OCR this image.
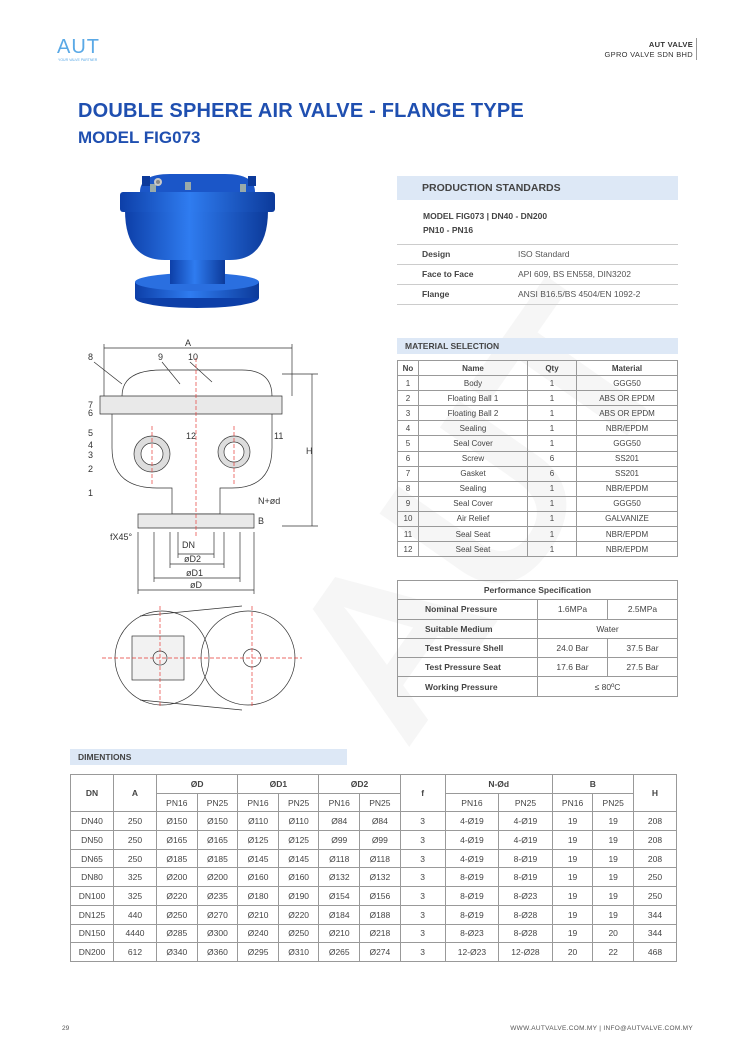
AUT
YOUR VALVE PARTNER
AUT VALVE
GPRO VALVE SDN BHD
DOUBLE SPHERE AIR VALVE - FLANGE TYPE
MODEL FIG073
PRODUCTION STANDARDS
MODEL FIG073 | DN40 - DN200
PN10 - PN16
Design	ISO Standard
Face to Face	API 609, BS EN558, DIN3202
Flange	ANSI B16.5/BS 4504/EN 1092-2
A
H
N+ød
B
DN
øD2
øD1
øD
fX45°
8	9	10
7
6
5
4
3
2
1
12	11
MATERIAL SELECTION
No	Name	Qty	Material
1	Body	1	GGG50
2	Floating Ball 1	1	ABS OR EPDM
3	Floating Ball 2	1	ABS OR EPDM
4	Sealing	1	NBR/EPDM
5	Seal Cover	1	GGG50
6	Screw	6	SS201
7	Gasket	6	SS201
8	Sealing	1	NBR/EPDM
9	Seal Cover	1	GGG50
10	Air Relief	1	GALVANIZE
11	Seal Seat	1	NBR/EPDM
12	Seal Seat	1	NBR/EPDM
Performance Specification		
Nominal Pressure	1.6MPa	2.5MPa
Suitable Medium	Water	
Test Pressure Shell	24.0 Bar	37.5 Bar
Test Pressure Seat	17.6 Bar	27.5 Bar
Working Pressure	≤ 80ºC	
DIMENTIONS
DN	A	ØD		ØD1		ØD2		f	N-Ød		B		H
		PN16	PN25	PN16	PN25	PN16	PN25		PN16	PN25	PN16	PN25	
DN40	250	Ø150	Ø150	Ø110	Ø110	Ø84	Ø84	3	4-Ø19	4-Ø19	19	19	208
DN50	250	Ø165	Ø165	Ø125	Ø125	Ø99	Ø99	3	4-Ø19	4-Ø19	19	19	208
DN65	250	Ø185	Ø185	Ø145	Ø145	Ø118	Ø118	3	4-Ø19	8-Ø19	19	19	208
DN80	325	Ø200	Ø200	Ø160	Ø160	Ø132	Ø132	3	8-Ø19	8-Ø19	19	19	250
DN100	325	Ø220	Ø235	Ø180	Ø190	Ø154	Ø156	3	8-Ø19	8-Ø23	19	19	250
DN125	440	Ø250	Ø270	Ø210	Ø220	Ø184	Ø188	3	8-Ø19	8-Ø28	19	19	344
DN150	4440	Ø285	Ø300	Ø240	Ø250	Ø210	Ø218	3	8-Ø23	8-Ø28	19	20	344
DN200	612	Ø340	Ø360	Ø295	Ø310	Ø265	Ø274	3	12-Ø23	12-Ø28	20	22	468
29	WWW.AUTVALVE.COM.MY | INFO@AUTVALVE.COM.MY
